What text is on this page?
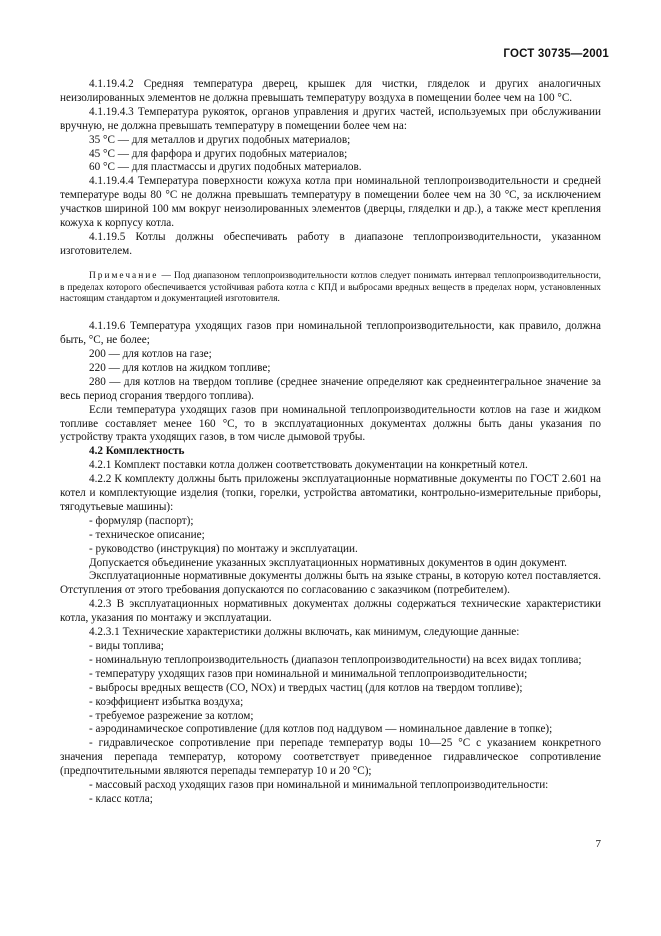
ГОСТ 30735—2001

4.1.19.4.2 Средняя температура дверец, крышек для чистки, гляделок и других аналогичных неизолированных элементов не должна превышать температуру воздуха в помещении более чем на 100 °С.

4.1.19.4.3 Температура рукояток, органов управления и других частей, используемых при обслуживании вручную, не должна превышать температуру в помещении более чем на:

35 °С — для металлов и других подобных материалов;

45 °С — для фарфора и других подобных материалов;

60 °С — для пластмассы и других подобных материалов.

4.1.19.4.4 Температура поверхности кожуха котла при номинальной теплопроизводительности и средней температуре воды 80 °С не должна превышать температуру в помещении более чем на 30 °С, за исключением участков шириной 100 мм вокруг неизолированных элементов (дверцы, гляделки и др.), а также мест крепления кожуха к корпусу котла.

4.1.19.5 Котлы должны обеспечивать работу в диапазоне теплопроизводительности, указанном изготовителем.

Примечание — Под диапазоном теплопроизводительности котлов следует понимать интервал теплопроизводительности, в пределах которого обеспечивается устойчивая работа котла с КПД и выбросами вредных веществ в пределах норм, установленных настоящим стандартом и документацией изготовителя.

4.1.19.6 Температура уходящих газов при номинальной теплопроизводительности, как правило, должна быть, °С, не более;

200 — для котлов на газе;

220 — для котлов на жидком топливе;

280 — для котлов на твердом топливе (среднее значение определяют как среднеинтегральное значение за весь период сгорания твердого топлива).

Если температура уходящих газов при номинальной теплопроизводительности котлов на газе и жидком топливе составляет менее 160 °С, то в эксплуатационных документах должны быть даны указания по устройству тракта уходящих газов, в том числе дымовой трубы.

4.2 Комплектность

4.2.1 Комплект поставки котла должен соответствовать документации на конкретный котел.

4.2.2 К комплекту должны быть приложены эксплуатационные нормативные документы по ГОСТ 2.601 на котел и комплектующие изделия (топки, горелки, устройства автоматики, контрольно-измерительные приборы, тягодутьевые машины):

- формуляр (паспорт);

- техническое описание;

- руководство (инструкция) по монтажу и эксплуатации.

Допускается объединение указанных эксплуатационных нормативных документов в один документ.

Эксплуатационные нормативные документы должны быть на языке страны, в которую котел поставляется. Отступления от этого требования допускаются по согласованию с заказчиком (потребителем).

4.2.3 В эксплуатационных нормативных документах должны содержаться технические характеристики котла, указания по монтажу и эксплуатации.

4.2.3.1 Технические характеристики должны включать, как минимум, следующие данные:

- виды топлива;

- номинальную теплопроизводительность (диапазон теплопроизводительности) на всех видах топлива;

- температуру уходящих газов при номинальной и минимальной теплопроизводительности;

- выбросы вредных веществ (CO, NOx) и твердых частиц (для котлов на твердом топливе);

- коэффициент избытка воздуха;

- требуемое разрежение за котлом;

- аэродинамическое сопротивление (для котлов под наддувом — номинальное давление в топке);

- гидравлическое сопротивление при перепаде температур воды 10—25 °С с указанием конкретного значения перепада температур, которому соответствует приведенное гидравлическое сопротивление (предпочтительными являются перепады температур 10 и 20 °С);

- массовый расход уходящих газов при номинальной и минимальной теплопроизводительности:

- класс котла;

7
